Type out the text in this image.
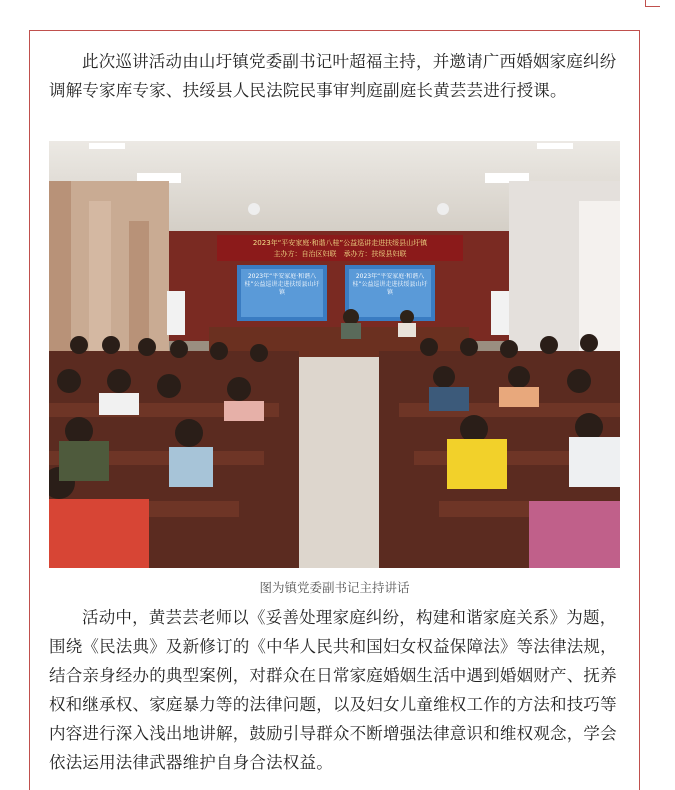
此次巡讲活动由山圩镇党委副书记叶超福主持，并邀请广西婚姻家庭纠纷调解专家库专家、扶绥县人民法院民事审判庭副庭长黄芸芸进行授课。

2023年“平安家庭·和谐八桂”公益巡讲走进扶绥县山圩镇
主办方：自治区妇联　承办方：扶绥县妇联
2023年“平安家庭·和谐八桂”公益巡讲走进扶绥县山圩镇
2023年“平安家庭·和谐八桂”公益巡讲走进扶绥县山圩镇
图为镇党委副书记主持讲话

活动中，黄芸芸老师以《妥善处理家庭纠纷，构建和谐家庭关系》为题，围绕《民法典》及新修订的《中华人民共和国妇女权益保障法》等法律法规，结合亲身经办的典型案例，对群众在日常家庭婚姻生活中遇到婚姻财产、抚养权和继承权、家庭暴力等的法律问题，以及妇女儿童维权工作的方法和技巧等内容进行深入浅出地讲解，鼓励引导群众不断增强法律意识和维权观念，学会依法运用法律武器维护自身合法权益。
